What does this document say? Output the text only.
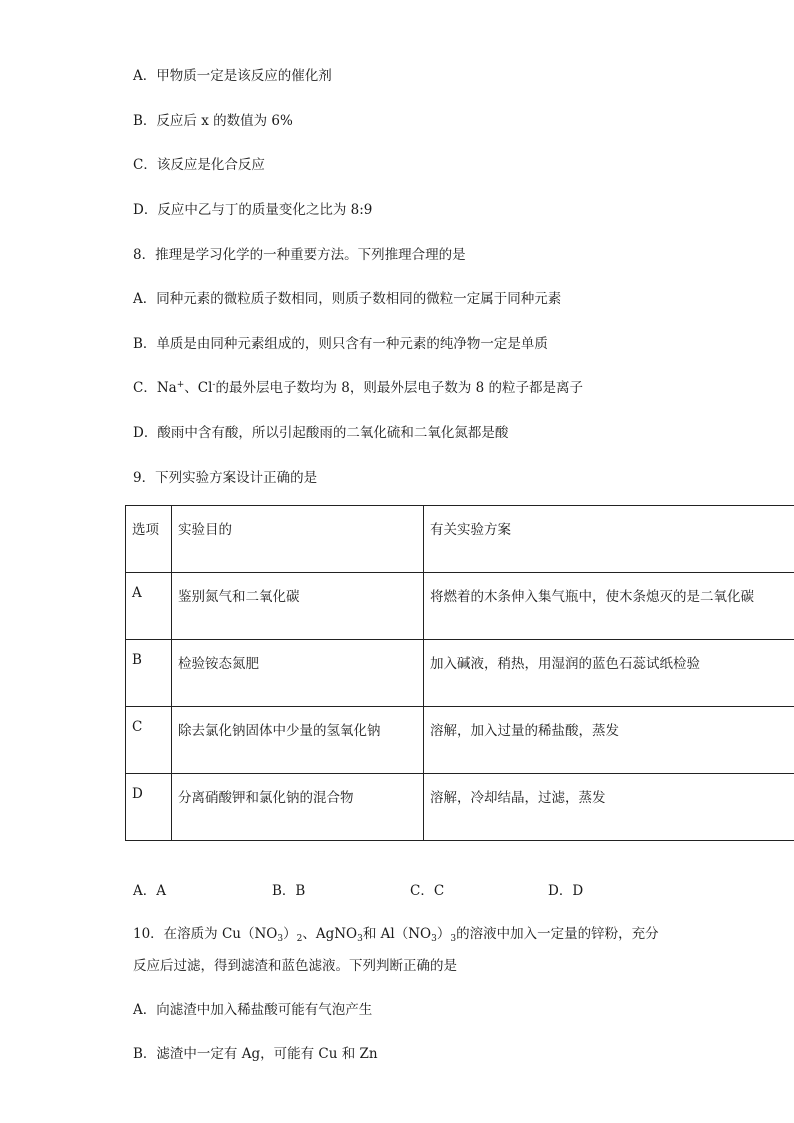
A．甲物质一定是该反应的催化剂
B．反应后 x 的数值为 6%
C．该反应是化合反应
D．反应中乙与丁的质量变化之比为 8:9
8．推理是学习化学的一种重要方法。下列推理合理的是
A．同种元素的微粒质子数相同，则质子数相同的微粒一定属于同种元素
B．单质是由同种元素组成的，则只含有一种元素的纯净物一定是单质
C．Na+、Cl-的最外层电子数均为 8，则最外层电子数为 8 的粒子都是离子
D．酸雨中含有酸，所以引起酸雨的二氧化硫和二氧化氮都是酸
9．下列实验方案设计正确的是
选项	实验目的	有关实验方案
A	鉴别氮气和二氧化碳	将燃着的木条伸入集气瓶中，使木条熄灭的是二氧化碳
B	检验铵态氮肥	加入碱液，稍热，用湿润的蓝色石蕊试纸检验
C	除去氯化钠固体中少量的氢氧化钠	溶解，加入过量的稀盐酸，蒸发
D	分离硝酸钾和氯化钠的混合物	溶解，冷却结晶，过滤，蒸发
A．A	B．B	C．C	D．D
10．在溶质为 $Cu(NO_3)_2$、AgNO$_3$和 $Al(NO_3)_3$的溶液中加入一定量的锌粉，充分
反应后过滤，得到滤渣和蓝色滤液。下列判断正确的是
A．向滤渣中加入稀盐酸可能有气泡产生
B．滤渣中一定有 Ag，可能有 Cu 和 Zn
